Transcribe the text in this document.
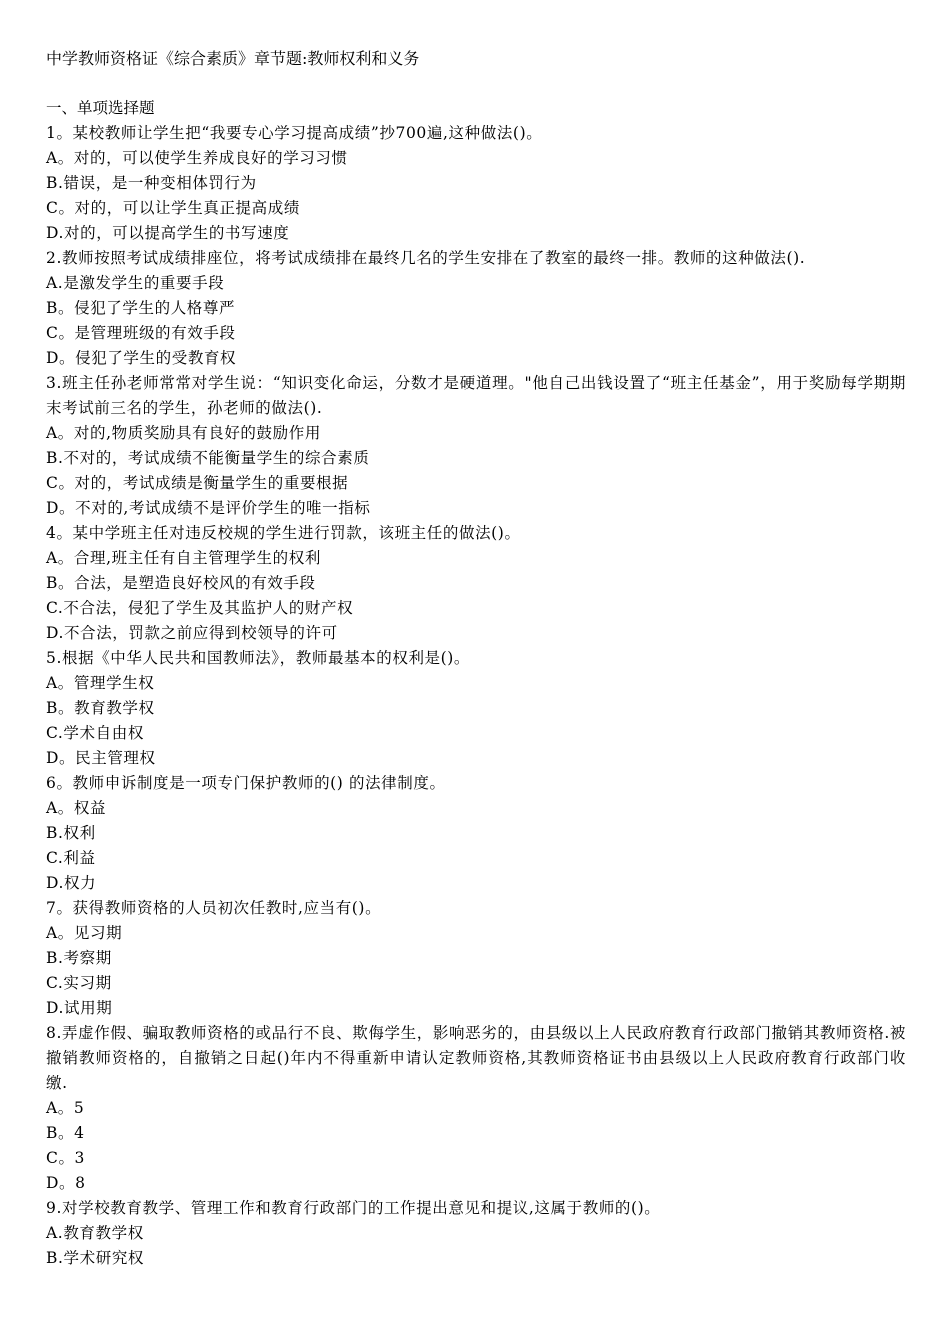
中学教师资格证《综合素质》章节题:教师权利和义务
一、单项选择题
1。某校教师让学生把“我要专心学习提高成绩”抄700遍,这种做法()。
A。对的，可以使学生养成良好的学习习惯
B.错误，是一种变相体罚行为
C。对的，可以让学生真正提高成绩
D.对的，可以提高学生的书写速度
2.教师按照考试成绩排座位，将考试成绩排在最终几名的学生安排在了教室的最终一排。教师的这种做法().
A.是激发学生的重要手段
B。侵犯了学生的人格尊严
C。是管理班级的有效手段
D。侵犯了学生的受教育权
3.班主任孙老师常常对学生说：“知识变化命运，分数才是硬道理。"他自己出钱设置了“班主任基金”，用于奖励每学期期末考试前三名的学生，孙老师的做法().
A。对的,物质奖励具有良好的鼓励作用
B.不对的，考试成绩不能衡量学生的综合素质
C。对的，考试成绩是衡量学生的重要根据
D。不对的,考试成绩不是评价学生的唯一指标
4。某中学班主任对违反校规的学生进行罚款，该班主任的做法()。
A。合理,班主任有自主管理学生的权利
B。合法，是塑造良好校风的有效手段
C.不合法，侵犯了学生及其监护人的财产权
D.不合法，罚款之前应得到校领导的许可
5.根据《中华人民共和国教师法》，教师最基本的权利是()。
A。管理学生权
B。教育教学权
C.学术自由权
D。民主管理权
6。教师申诉制度是一项专门保护教师的() 的法律制度。
A。权益
B.权利
C.利益
D.权力
7。获得教师资格的人员初次任教时,应当有()。
A。见习期
B.考察期
C.实习期
D.试用期
8.弄虚作假、骗取教师资格的或品行不良、欺侮学生，影响恶劣的，由县级以上人民政府教育行政部门撤销其教师资格.被撤销教师资格的，自撤销之日起()年内不得重新申请认定教师资格,其教师资格证书由县级以上人民政府教育行政部门收缴.
A。5
B。4
C。3
D。8
9.对学校教育教学、管理工作和教育行政部门的工作提出意见和提议,这属于教师的()。
A.教育教学权
B.学术研究权
